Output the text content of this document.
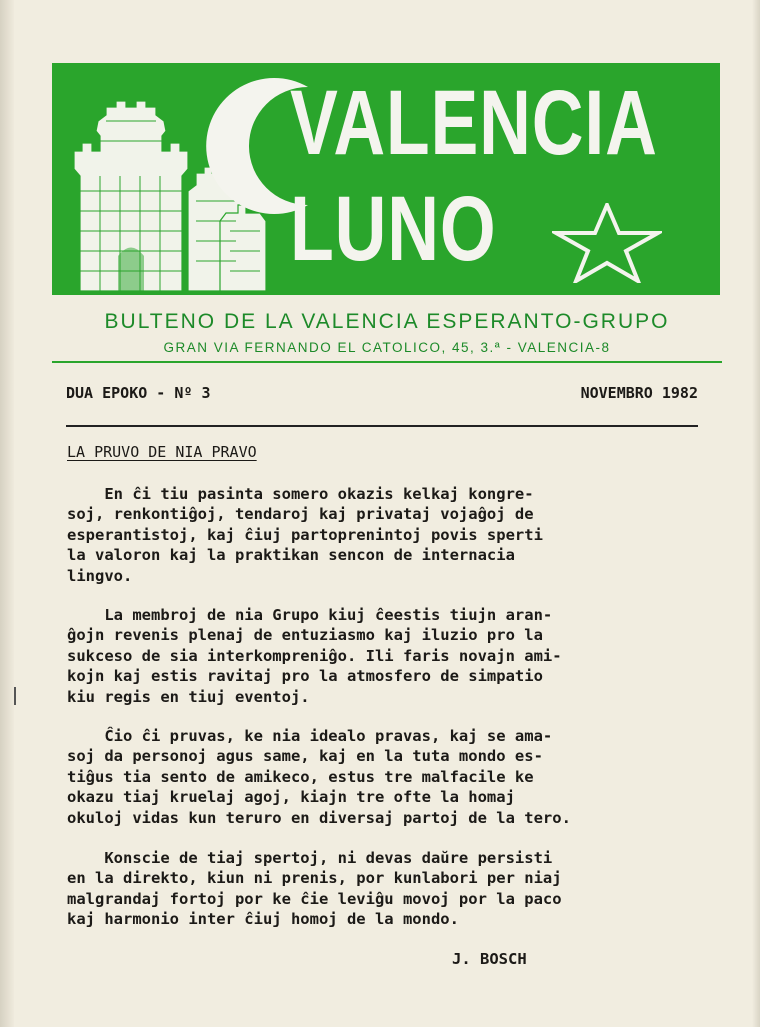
VALENCIA
LUNO
BULTENO DE LA VALENCIA ESPERANTO-GRUPO
GRAN VIA FERNANDO EL CATOLICO, 45, 3.ª - VALENCIA-8
DUA EPOKO - Nº 3	NOVEMBRO 1982
LA PRUVO DE NIA PRAVO
En ĉi tiu pasinta somero okazis kelkaj kongre-
soj, renkontiĝoj, tendaroj kaj privataj vojaĝoj de
esperantistoj, kaj ĉiuj partoprenintoj povis sperti
la valoron kaj la praktikan sencon de internacia
lingvo.
La membroj de nia Grupo kiuj ĉeestis tiujn aran-
ĝojn revenis plenaj de entuziasmo kaj iluzio pro la
sukceso de sia interkompreniĝo. Ili faris novajn ami-
kojn kaj estis ravitaj pro la atmosfero de simpatio
kiu regis en tiuj eventoj.
Ĉio ĉi pruvas, ke nia idealo pravas, kaj se ama-
soj da personoj agus same, kaj en la tuta mondo es-
tiĝus tia sento de amikeco, estus tre malfacile ke
okazu tiaj kruelaj agoj, kiajn tre ofte la homaj
okuloj vidas kun teruro en diversaj partoj de la tero.
Konscie de tiaj spertoj, ni devas daŭre persisti
en la direkto, kiun ni prenis, por kunlabori per niaj
malgrandaj fortoj por ke ĉie leviĝu movoj por la paco
kaj harmonio inter ĉiuj homoj de la mondo.
J. BOSCH
